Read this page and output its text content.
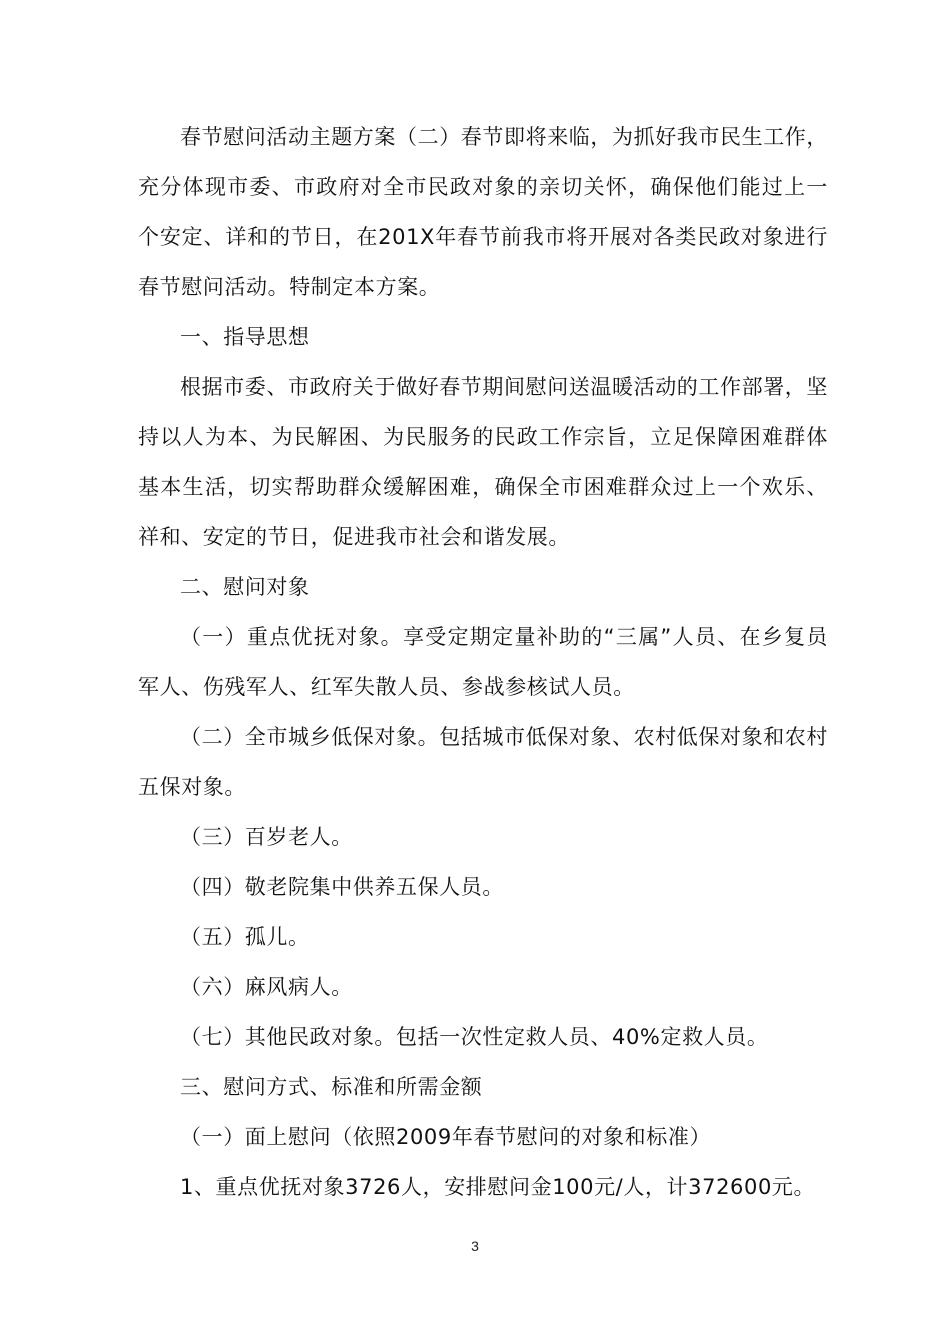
春节慰问活动主题方案（二）春节即将来临，为抓好我市民生工作，充分体现市委、市政府对全市民政对象的亲切关怀，确保他们能过上一个安定、详和的节日，在201X年春节前我市将开展对各类民政对象进行春节慰问活动。特制定本方案。

一、指导思想

根据市委、市政府关于做好春节期间慰问送温暖活动的工作部署，坚持以人为本、为民解困、为民服务的民政工作宗旨，立足保障困难群体基本生活，切实帮助群众缓解困难，确保全市困难群众过上一个欢乐、祥和、安定的节日，促进我市社会和谐发展。

二、慰问对象

（一）重点优抚对象。享受定期定量补助的“三属”人员、在乡复员军人、伤残军人、红军失散人员、参战参核试人员。

（二）全市城乡低保对象。包括城市低保对象、农村低保对象和农村五保对象。

（三）百岁老人。

（四）敬老院集中供养五保人员。

（五）孤儿。

（六）麻风病人。

（七）其他民政对象。包括一次性定救人员、40%定救人员。

三、慰问方式、标准和所需金额

（一）面上慰问（依照2009年春节慰问的对象和标准）

1、重点优抚对象3726人，安排慰问金100元/人，计372600元。

3
